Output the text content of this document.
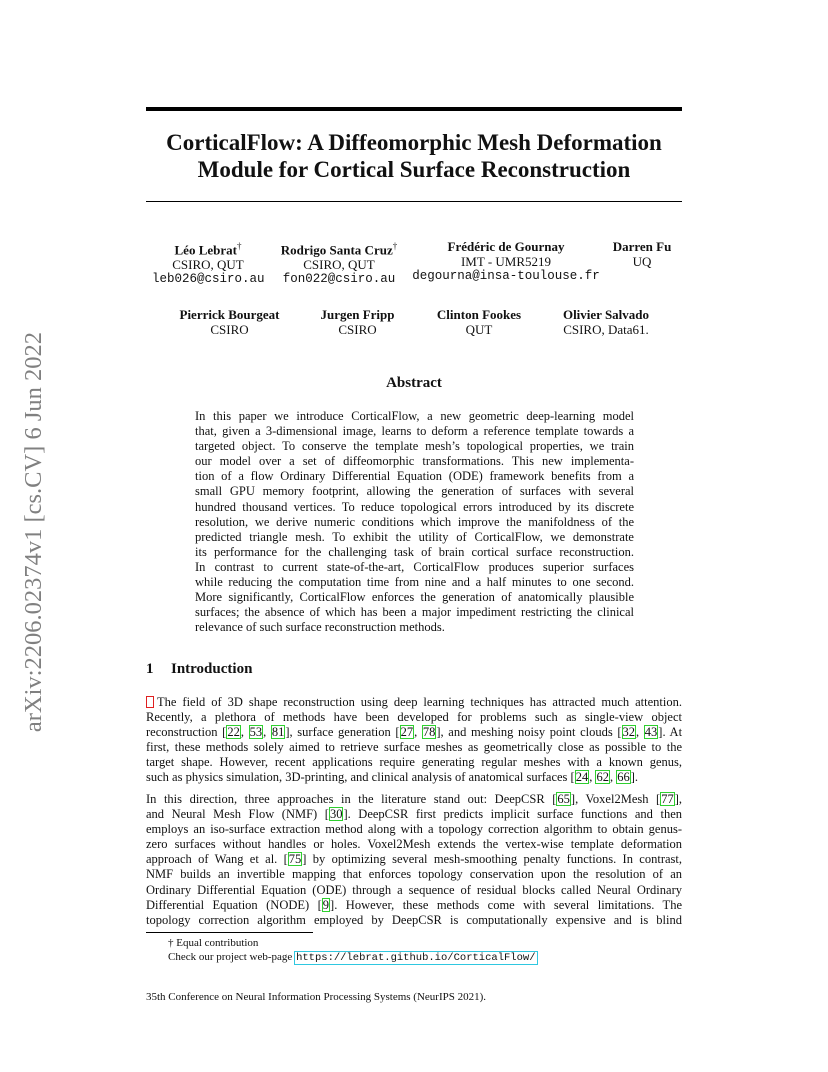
arXiv:2206.02374v1 [cs.CV] 6 Jun 2022
CorticalFlow: A Diffeomorphic Mesh Deformation
Module for Cortical Surface Reconstruction
Léo Lebrat†
CSIRO, QUT
leb026@csiro.au
Rodrigo Santa Cruz†
CSIRO, QUT
fon022@csiro.au
Frédéric de Gournay
IMT - UMR5219
degourna@insa-toulouse.fr
Darren Fu
UQ
Pierrick Bourgeat
CSIRO
Jurgen Fripp
CSIRO
Clinton Fookes
QUT
Olivier Salvado
CSIRO, Data61.
Abstract
In this paper we introduce CorticalFlow, a new geometric deep-learning model
that, given a 3-dimensional image, learns to deform a reference template towards a
targeted object. To conserve the template mesh’s topological properties, we train
our model over a set of diffeomorphic transformations. This new implementa-
tion of a flow Ordinary Differential Equation (ODE) framework benefits from a
small GPU memory footprint, allowing the generation of surfaces with several
hundred thousand vertices. To reduce topological errors introduced by its discrete
resolution, we derive numeric conditions which improve the manifoldness of the
predicted triangle mesh. To exhibit the utility of CorticalFlow, we demonstrate
its performance for the challenging task of brain cortical surface reconstruction.
In contrast to current state-of-the-art, CorticalFlow produces superior surfaces
while reducing the computation time from nine and a half minutes to one second.
More significantly, CorticalFlow enforces the generation of anatomically plausible
surfaces; the absence of which has been a major impediment restricting the clinical
relevance of such surface reconstruction methods.
1 Introduction
The field of 3D shape reconstruction using deep learning techniques has attracted much attention.
Recently, a plethora of methods have been developed for problems such as single-view object
reconstruction [22, 53, 81], surface generation [27, 78], and meshing noisy point clouds [32, 43]. At
first, these methods solely aimed to retrieve surface meshes as geometrically close as possible to the
target shape. However, recent applications require generating regular meshes with a known genus,
such as physics simulation, 3D-printing, and clinical analysis of anatomical surfaces [24, 62, 66].
In this direction, three approaches in the literature stand out: DeepCSR [65], Voxel2Mesh [77],
and Neural Mesh Flow (NMF) [30]. DeepCSR first predicts implicit surface functions and then
employs an iso-surface extraction method along with a topology correction algorithm to obtain genus-
zero surfaces without handles or holes. Voxel2Mesh extends the vertex-wise template deformation
approach of Wang et al. [75] by optimizing several mesh-smoothing penalty functions. In contrast,
NMF builds an invertible mapping that enforces topology conservation upon the resolution of an
Ordinary Differential Equation (ODE) through a sequence of residual blocks called Neural Ordinary
Differential Equation (NODE) [9]. However, these methods come with several limitations. The
topology correction algorithm employed by DeepCSR is computationally expensive and is blind
† Equal contribution
Check our project web-page https://lebrat.github.io/CorticalFlow/

35th Conference on Neural Information Processing Systems (NeurIPS 2021).
